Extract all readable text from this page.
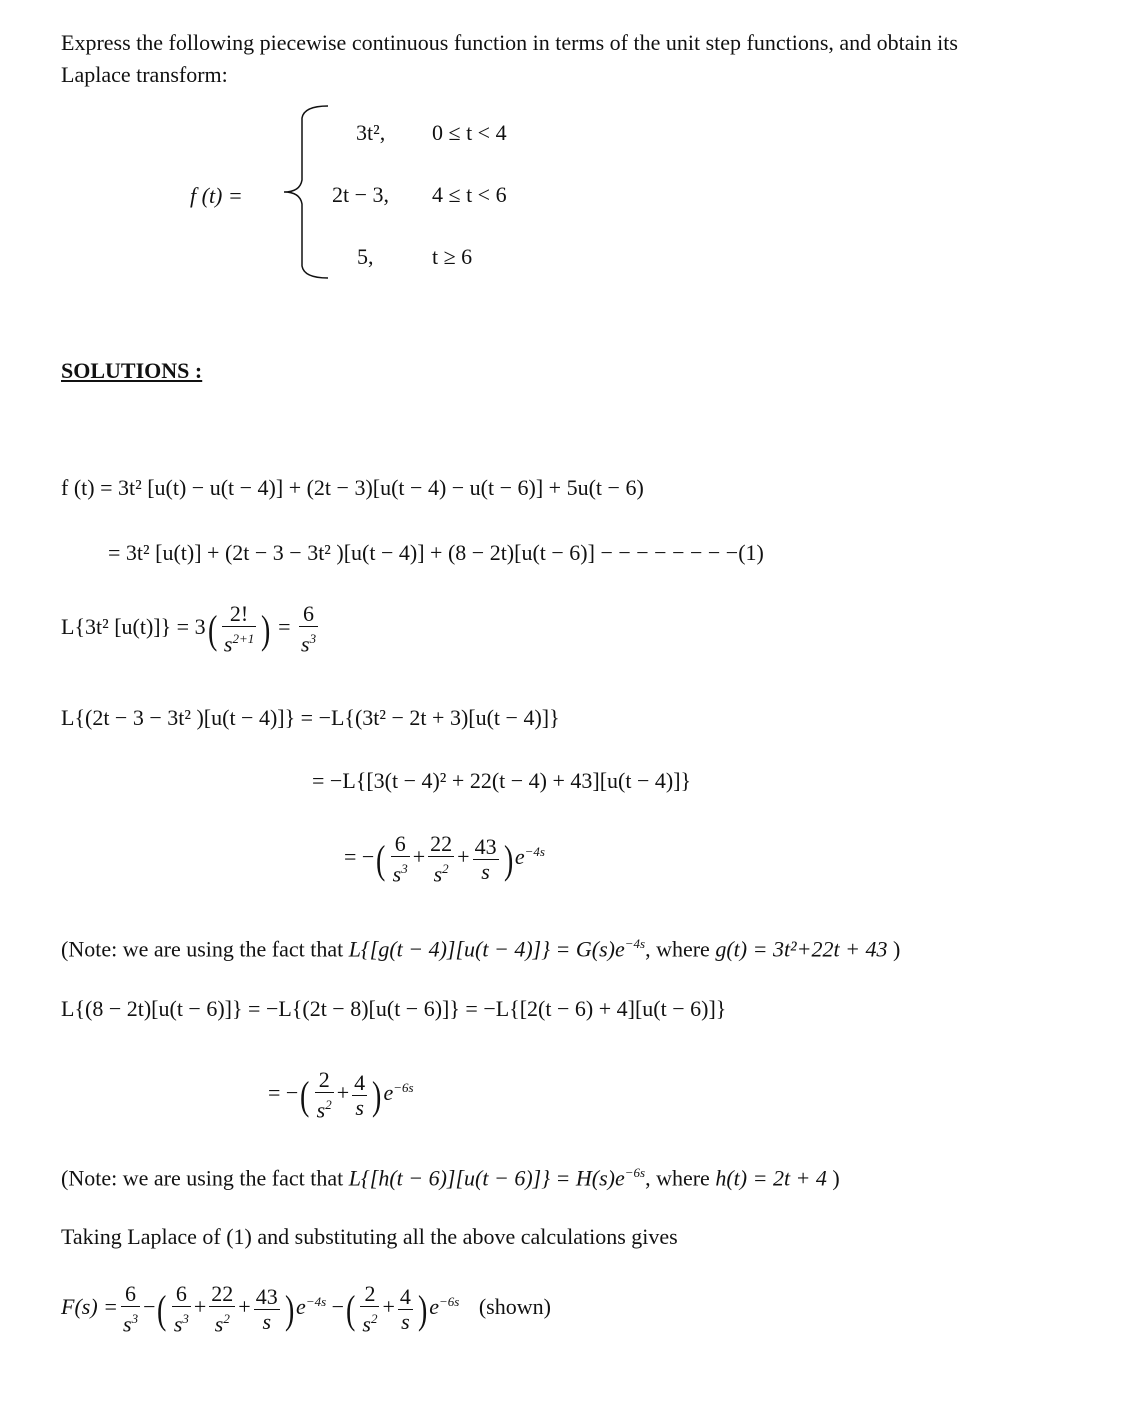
Express the following piecewise continuous function in terms of the unit step functions, and obtain its
Laplace transform:
f (t) =
3t², 0 ≤ t < 4
2t − 3, 4 ≤ t < 6
5,	t ≥ 6
SOLUTIONS :
f (t) = 3t² [u(t) − u(t − 4)] + (2t − 3)[u(t − 4) − u(t − 6)] + 5u(t − 6)
= 3t² [u(t)] + (2t − 3 − 3t² )[u(t − 4)] + (8 − 2t)[u(t − 6)] − − − − − − − −(1)
L{3t² $[u(t)]\} = 3( \frac{2!}{s^{2+1}}$ ) = $\frac{6}{s^3}$
L{(2t − 3 − 3t² )[u(t − 4)]} = −L{(3t² − 2t + 3)[u(t − 4)]}
= −L{[3(t − 4)² + 22(t − 4) + 43][u(t − 4)]}
= −( $\frac{6}{s^3} + \frac{22}{s^2} + \frac{43}{s} )e^{-4s}$
(Note: we are using the fact that $L\{[g(t - 4)][u(t - 4)]\} = G(s)e^{-4s}$, where g(t) = 3t²+22t + 43 )
L{(8 − 2t)[u(t − 6)]} = −L{(2t − 8)[u(t − 6)]} = −L{[2(t − 6) + 4][u(t − 6)]}
= −( $\frac{2}{s^2} + \frac{4}{s} )e^{-6s}$
(Note: we are using the fact that $L\{[h(t - 6)][u(t - 6)]\} = H(s)e^{-6s}$, where h(t) = 2t + 4 )
Taking Laplace of (1) and substituting all the above calculations gives
$F(s) = \frac{6}{s^3}$ −( $\frac{6}{s^3} + \frac{22}{s^2} + \frac{43}{s} )e^{-4s}$ −( $\frac{2}{s^2} + \frac{4}{s} )e^{-6s}$ (shown)
